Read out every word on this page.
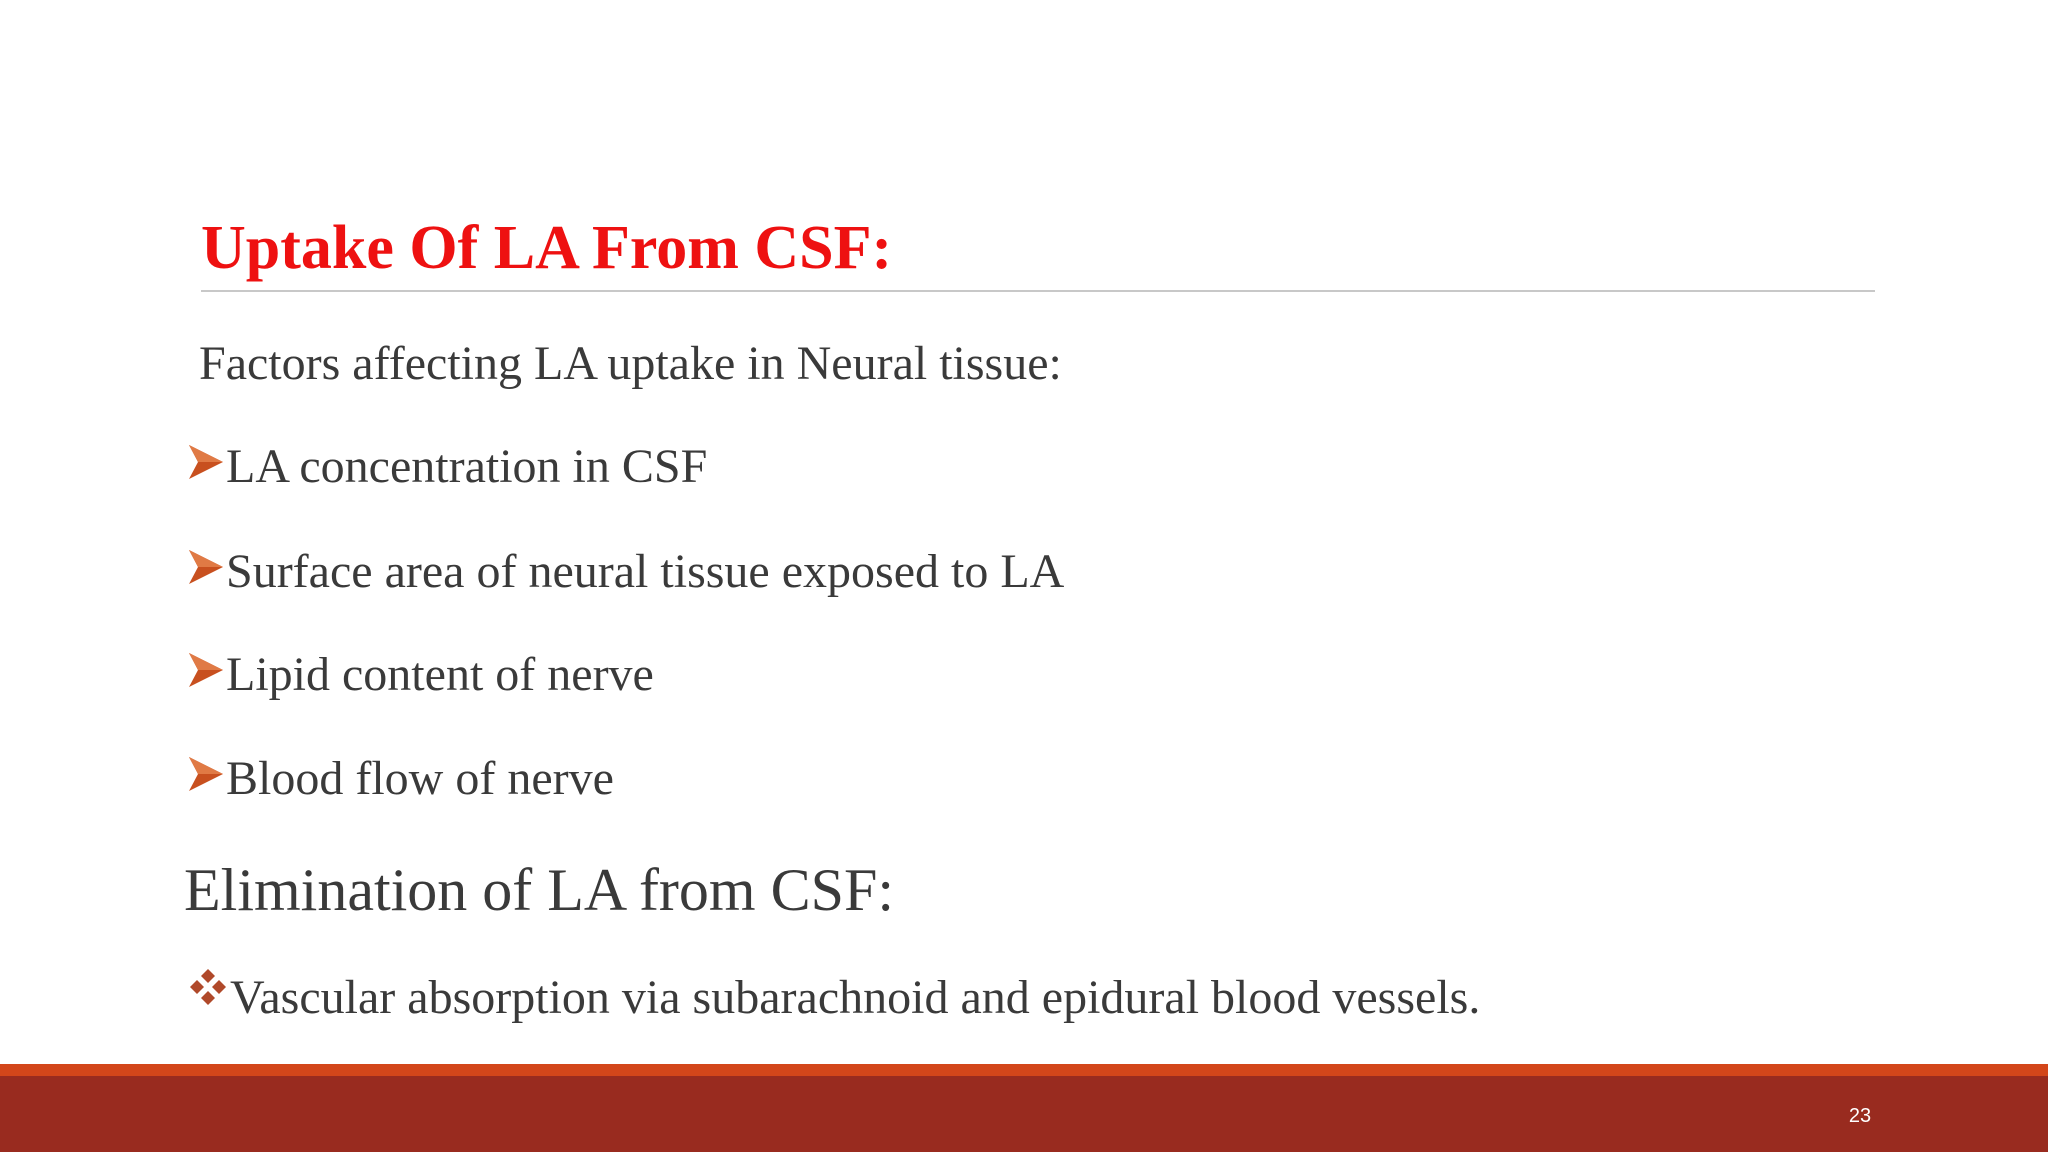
Uptake Of LA From CSF:
Factors affecting LA uptake in Neural tissue:
LA concentration in CSF
Surface area of neural tissue exposed to LA
Lipid content of nerve
Blood flow of nerve
Elimination of LA from CSF:
Vascular absorption via subarachnoid and epidural blood vessels.
23
